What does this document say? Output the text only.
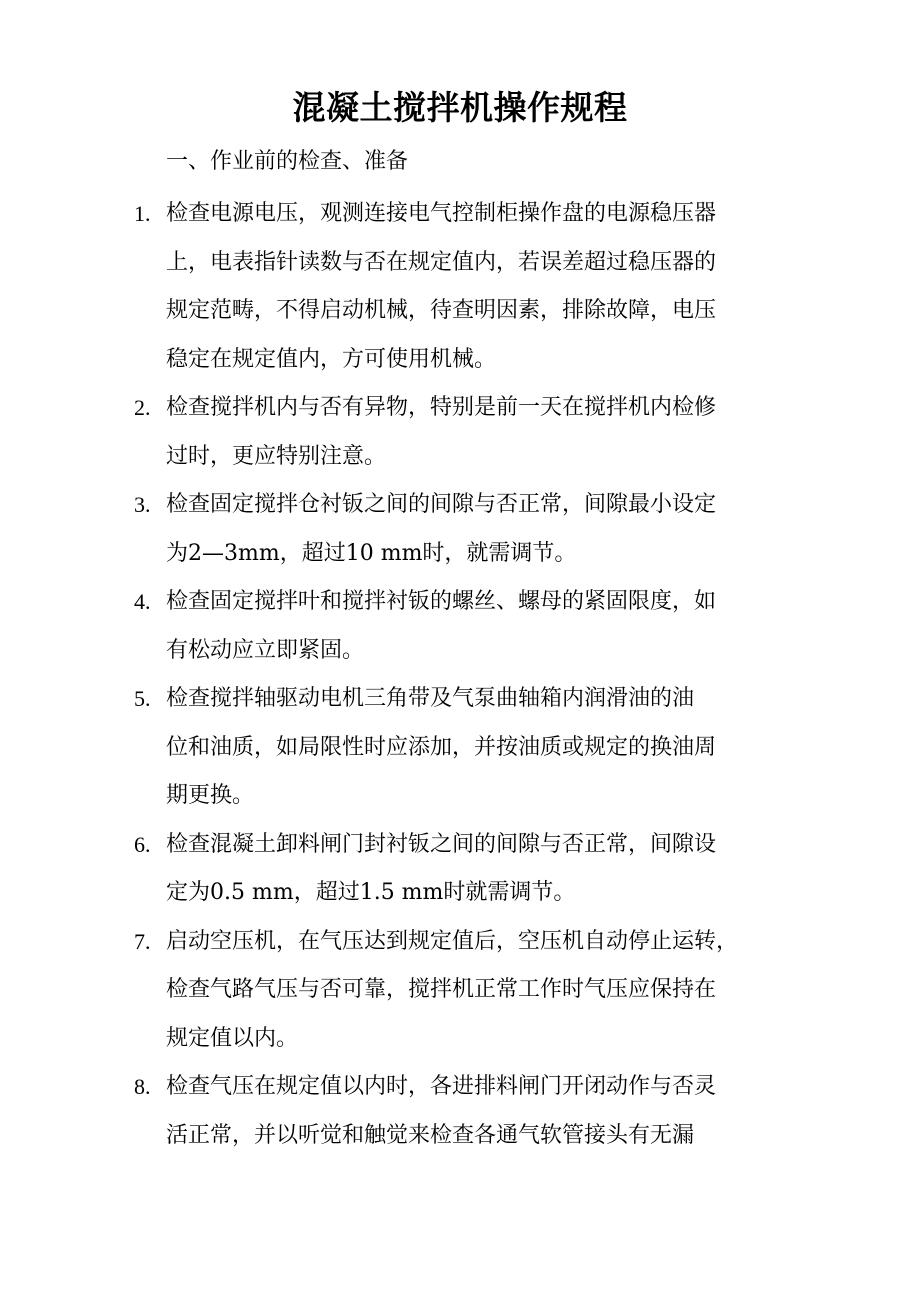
混凝土搅拌机操作规程

一、作业前的检查、准备

1. 检查电源电压，观测连接电气控制柜操作盘的电源稳压器
上，电表指针读数与否在规定值内，若误差超过稳压器的
规定范畴，不得启动机械，待查明因素，排除故障，电压
稳定在规定值内，方可使用机械。
2. 检查搅拌机内与否有异物，特别是前一天在搅拌机内检修
过时，更应特别注意。
3. 检查固定搅拌仓衬钣之间的间隙与否正常，间隙最小设定
为2—3mm，超过10 mm时，就需调节。
4. 检查固定搅拌叶和搅拌衬钣的螺丝、螺母的紧固限度，如
有松动应立即紧固。
5. 检查搅拌轴驱动电机三角带及气泵曲轴箱内润滑油的油
位和油质，如局限性时应添加，并按油质或规定的换油周
期更换。
6. 检查混凝土卸料闸门封衬钣之间的间隙与否正常，间隙设
定为0.5 mm，超过1.5 mm时就需调节。
7. 启动空压机，在气压达到规定值后，空压机自动停止运转，
检查气路气压与否可靠，搅拌机正常工作时气压应保持在
规定值以内。
8. 检查气压在规定值以内时，各进排料闸门开闭动作与否灵
活正常，并以听觉和触觉来检查各通气软管接头有无漏
